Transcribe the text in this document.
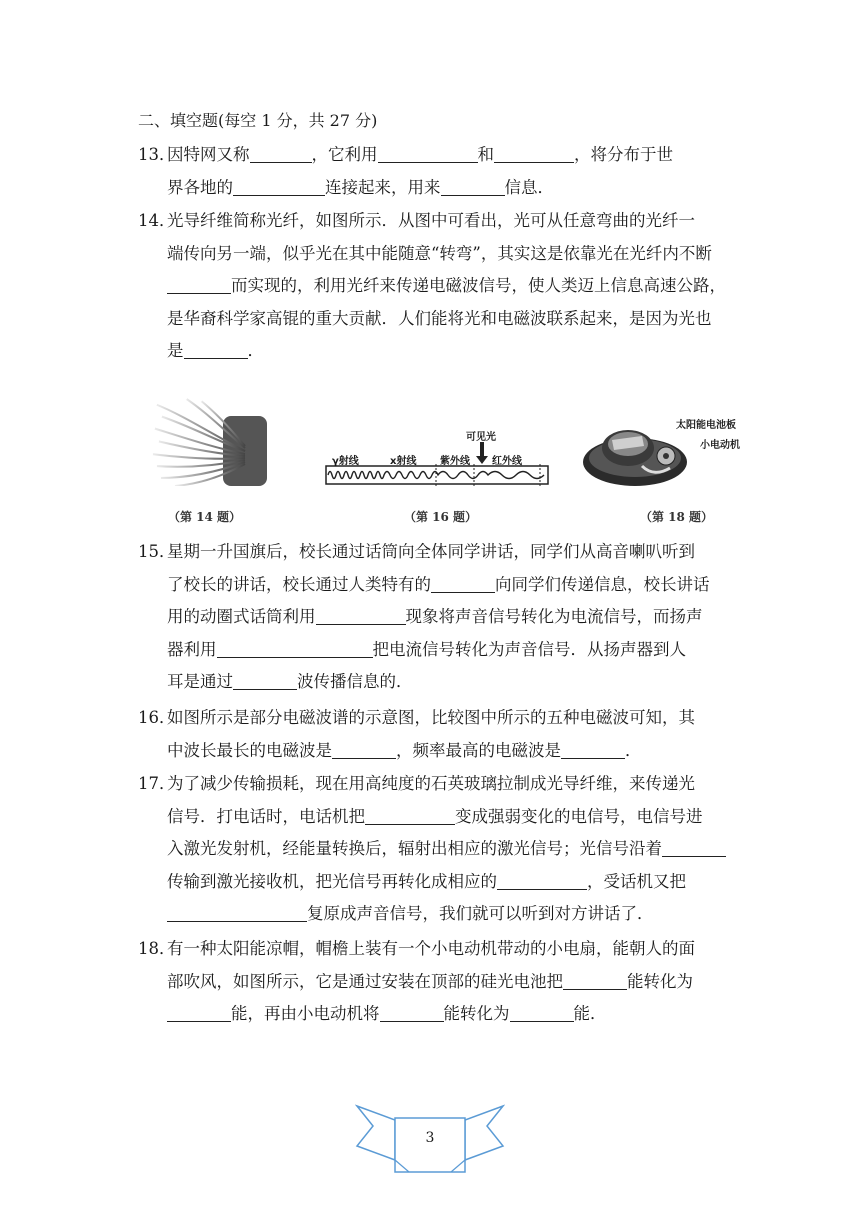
二、填空题(每空 1 分，共 27 分)
13．
因特网又称	，它利用	和	，将分布于世
界各地的	连接起来，用来	信息．
14．
光导纤维简称光纤，如图所示．从图中可看出，光可从任意弯曲的光纤一
端传向另一端，似乎光在其中能随意“转弯”，其实这是依靠光在光纤内不断
而实现的，利用光纤来传递电磁波信号，使人类迈上信息高速公路，
是华裔科学家高锟的重大贡献．人们能将光和电磁波联系起来，是因为光也
是	．
（第 14 题）
可见光
γ射线	x射线 紫外线 红外线
（第 16 题）
太阳能电池板
小电动机
（第 18 题）
15．
星期一升国旗后，校长通过话筒向全体同学讲话，同学们从高音喇叭听到
了校长的讲话，校长通过人类特有的	向同学们传递信息，校长讲话
用的动圈式话筒利用	现象将声音信号转化为电流信号，而扬声
器利用	把电流信号转化为声音信号．从扬声器到人
耳是通过	波传播信息的．
16．
如图所示是部分电磁波谱的示意图，比较图中所示的五种电磁波可知，其
中波长最长的电磁波是	，频率最高的电磁波是	．
17．
为了减少传输损耗，现在用高纯度的石英玻璃拉制成光导纤维，来传递光
信号．打电话时，电话机把	变成强弱变化的电信号，电信号进
入激光发射机，经能量转换后，辐射出相应的激光信号；光信号沿着
传输到激光接收机，把光信号再转化成相应的	，受话机又把
复原成声音信号，我们就可以听到对方讲话了．
18．
有一种太阳能凉帽，帽檐上装有一个小电动机带动的小电扇，能朝人的面
部吹风，如图所示，它是通过安装在顶部的硅光电池把	能转化为
能，再由小电动机将	能转化为	能．
3
